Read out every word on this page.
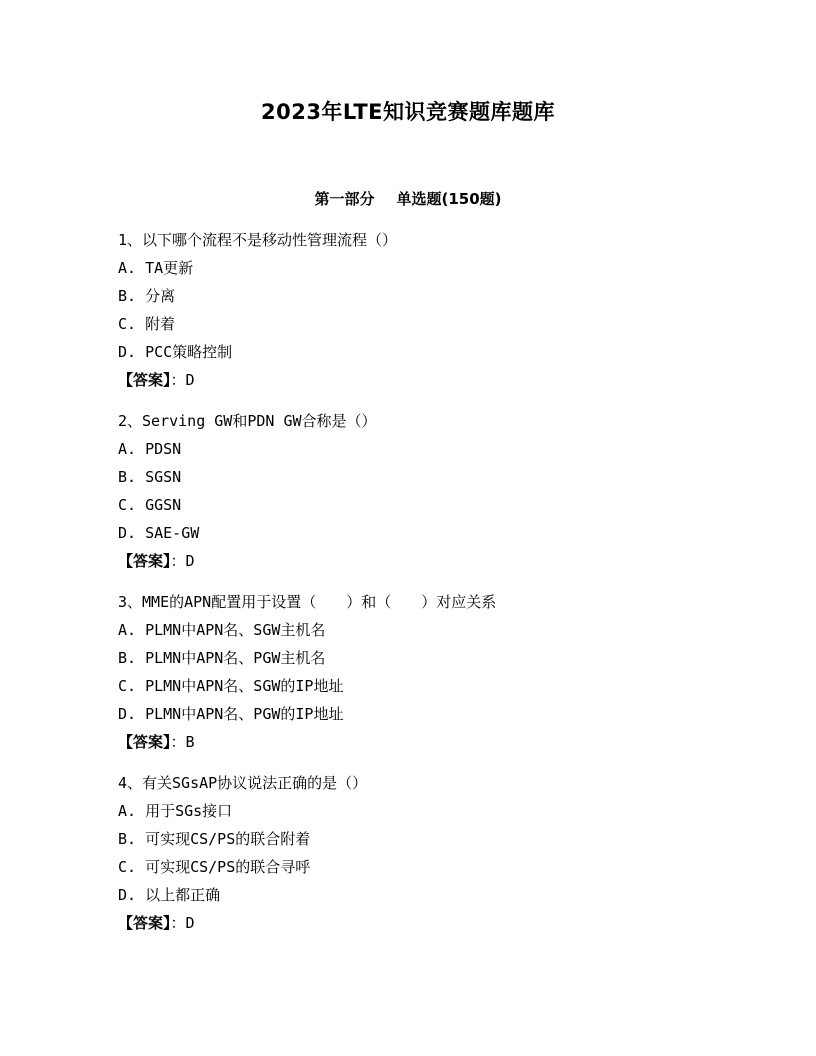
2023年LTE知识竞赛题库题库
第一部分 单选题(150题)
1、以下哪个流程不是移动性管理流程（）
A. TA更新
B. 分离
C. 附着
D. PCC策略控制
【答案】：D
2、Serving GW和PDN GW合称是（）
A. PDSN
B. SGSN
C. GGSN
D. SAE-GW
【答案】：D
3、MME的APN配置用于设置（　　）和（　　）对应关系
A. PLMN中APN名、SGW主机名
B. PLMN中APN名、PGW主机名
C. PLMN中APN名、SGW的IP地址
D. PLMN中APN名、PGW的IP地址
【答案】：B
4、有关SGsAP协议说法正确的是（）
A. 用于SGs接口
B. 可实现CS/PS的联合附着
C. 可实现CS/PS的联合寻呼
D. 以上都正确
【答案】：D
